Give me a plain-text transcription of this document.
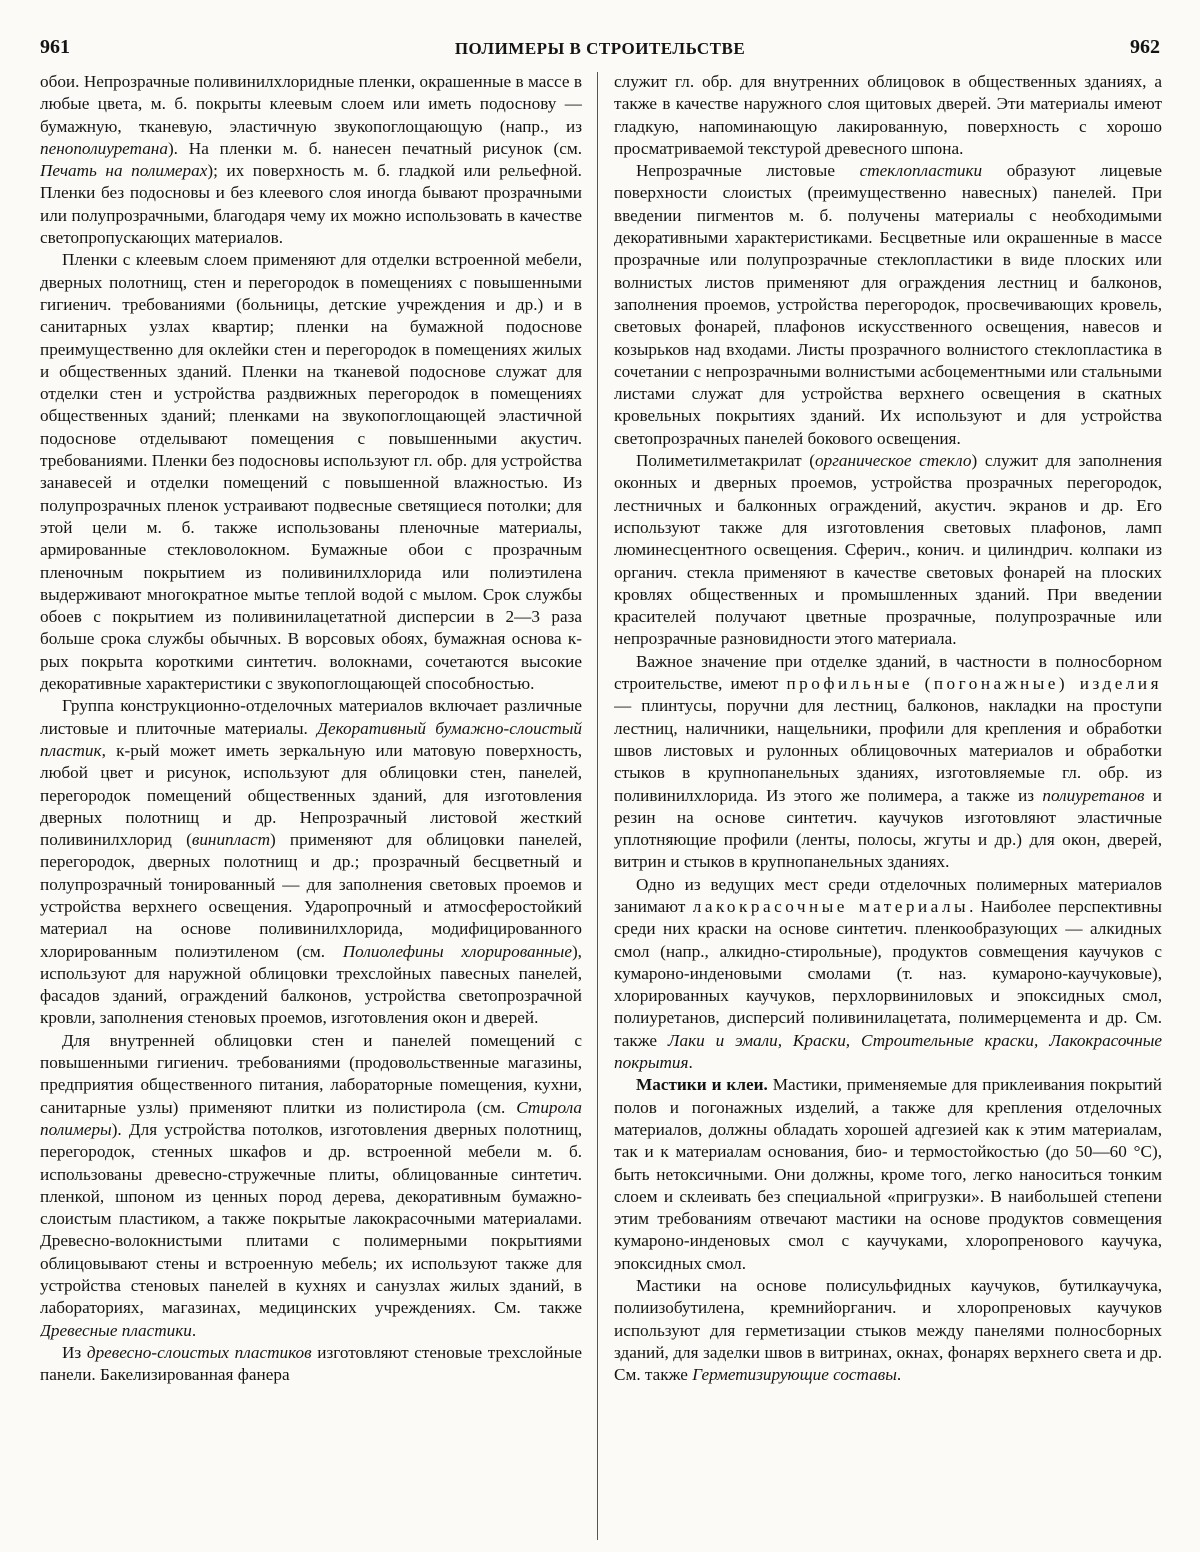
961	ПОЛИМЕРЫ В СТРОИТЕЛЬСТВЕ	962

обои. Непрозрачные поливинилхлоридные пленки, окрашенные в массе в любые цвета, м. б. покрыты клеевым слоем или иметь подоснову — бумажную, тканевую, эластичную звукопоглощающую (напр., из пенополиуретана). На пленки м. б. нанесен печатный рисунок (см. Печать на полимерах); их поверхность м. б. гладкой или рельефной. Пленки без подосновы и без клеевого слоя иногда бывают прозрачными или полупрозрачными, благодаря чему их можно использовать в качестве светопропускающих материалов.

Пленки с клеевым слоем применяют для отделки встроенной мебели, дверных полотнищ, стен и перегородок в помещениях с повышенными гигиенич. требованиями (больницы, детские учреждения и др.) и в санитарных узлах квартир; пленки на бумажной подоснове преимущественно для оклейки стен и перегородок в помещениях жилых и общественных зданий. Пленки на тканевой подоснове служат для отделки стен и устройства раздвижных перегородок в помещениях общественных зданий; пленками на звукопоглощающей эластичной подоснове отделывают помещения с повышенными акустич. требованиями. Пленки без подосновы используют гл. обр. для устройства занавесей и отделки помещений с повышенной влажностью. Из полупрозрачных пленок устраивают подвесные светящиеся потолки; для этой цели м. б. также использованы пленочные материалы, армированные стекловолокном. Бумажные обои с прозрачным пленочным покрытием из поливинилхлорида или полиэтилена выдерживают многократное мытье теплой водой с мылом. Срок службы обоев с покрытием из поливинилацетатной дисперсии в 2—3 раза больше срока службы обычных. В ворсовых обоях, бумажная основа к-рых покрыта короткими синтетич. волокнами, сочетаются высокие декоративные характеристики с звукопоглощающей способностью.

Группа конструкционно-отделочных материалов включает различные листовые и плиточные материалы. Декоративный бумажно-слоистый пластик, к-рый может иметь зеркальную или матовую поверхность, любой цвет и рисунок, используют для облицовки стен, панелей, перегородок помещений общественных зданий, для изготовления дверных полотнищ и др. Непрозрачный листовой жесткий поливинилхлорид (винипласт) применяют для облицовки панелей, перегородок, дверных полотнищ и др.; прозрачный бесцветный и полупрозрачный тонированный — для заполнения световых проемов и устройства верхнего освещения. Ударопрочный и атмосферостойкий материал на основе поливинилхлорида, модифицированного хлорированным полиэтиленом (см. Полиолефины хлорированные), используют для наружной облицовки трехслойных павесных панелей, фасадов зданий, ограждений балконов, устройства светопрозрачной кровли, заполнения стеновых проемов, изготовления окон и дверей.

Для внутренней облицовки стен и панелей помещений с повышенными гигиенич. требованиями (продовольственные магазины, предприятия общественного питания, лабораторные помещения, кухни, санитарные узлы) применяют плитки из полистирола (см. Стирола полимеры). Для устройства потолков, изготовления дверных полотнищ, перегородок, стенных шкафов и др. встроенной мебели м. б. использованы древесно-стружечные плиты, облицованные синтетич. пленкой, шпоном из ценных пород дерева, декоративным бумажно-слоистым пластиком, а также покрытые лакокрасочными материалами. Древесно-волокнистыми плитами с полимерными покрытиями облицовывают стены и встроенную мебель; их используют также для устройства стеновых панелей в кухнях и санузлах жилых зданий, в лабораториях, магазинах, медицинских учреждениях. См. также Древесные пластики.

Из древесно-слоистых пластиков изготовляют стеновые трехслойные панели. Бакелизированная фанера

служит гл. обр. для внутренних облицовок в общественных зданиях, а также в качестве наружного слоя щитовых дверей. Эти материалы имеют гладкую, напоминающую лакированную, поверхность с хорошо просматриваемой текстурой древесного шпона.

Непрозрачные листовые стеклопластики образуют лицевые поверхности слоистых (преимущественно навесных) панелей. При введении пигментов м. б. получены материалы с необходимыми декоративными характеристиками. Бесцветные или окрашенные в массе прозрачные или полупрозрачные стеклопластики в виде плоских или волнистых листов применяют для ограждения лестниц и балконов, заполнения проемов, устройства перегородок, просвечивающих кровель, световых фонарей, плафонов искусственного освещения, навесов и козырьков над входами. Листы прозрачного волнистого стеклопластика в сочетании с непрозрачными волнистыми асбоцементными или стальными листами служат для устройства верхнего освещения в скатных кровельных покрытиях зданий. Их используют и для устройства светопрозрачных панелей бокового освещения.

Полиметилметакрилат (органическое стекло) служит для заполнения оконных и дверных проемов, устройства прозрачных перегородок, лестничных и балконных ограждений, акустич. экранов и др. Его используют также для изготовления световых плафонов, ламп люминесцентного освещения. Сферич., конич. и цилиндрич. колпаки из органич. стекла применяют в качестве световых фонарей на плоских кровлях общественных и промышленных зданий. При введении красителей получают цветные прозрачные, полупрозрачные или непрозрачные разновидности этого материала.

Важное значение при отделке зданий, в частности в полносборном строительстве, имеют профильные (погонажные) изделия — плинтусы, поручни для лестниц, балконов, накладки на проступи лестниц, наличники, нащельники, профили для крепления и обработки швов листовых и рулонных облицовочных материалов и обработки стыков в крупнопанельных зданиях, изготовляемые гл. обр. из поливинилхлорида. Из этого же полимера, а также из полиуретанов и резин на основе синтетич. каучуков изготовляют эластичные уплотняющие профили (ленты, полосы, жгуты и др.) для окон, дверей, витрин и стыков в крупнопанельных зданиях.

Одно из ведущих мест среди отделочных полимерных материалов занимают лакокрасочные материалы. Наиболее перспективны среди них краски на основе синтетич. пленкообразующих — алкидных смол (напр., алкидно-стирольные), продуктов совмещения каучуков с кумароно-инденовыми смолами (т. наз. кумароно-каучуковые), хлорированных каучуков, перхлорвиниловых и эпоксидных смол, полиуретанов, дисперсий поливинилацетата, полимерцемента и др. См. также Лаки и эмали, Краски, Строительные краски, Лакокрасочные покрытия.

Мастики и клеи. Мастики, применяемые для приклеивания покрытий полов и погонажных изделий, а также для крепления отделочных материалов, должны обладать хорошей адгезией как к этим материалам, так и к материалам основания, био- и термостойкостью (до 50—60 °С), быть нетоксичными. Они должны, кроме того, легко наноситься тонким слоем и склеивать без специальной «пригрузки». В наибольшей степени этим требованиям отвечают мастики на основе продуктов совмещения кумароно-инденовых смол с каучуками, хлоропренового каучука, эпоксидных смол.

Мастики на основе полисульфидных каучуков, бутилкаучука, полиизобутилена, кремнийорганич. и хлоропреновых каучуков используют для герметизации стыков между панелями полносборных зданий, для заделки швов в витринах, окнах, фонарях верхнего света и др. См. также Герметизирующие составы.
